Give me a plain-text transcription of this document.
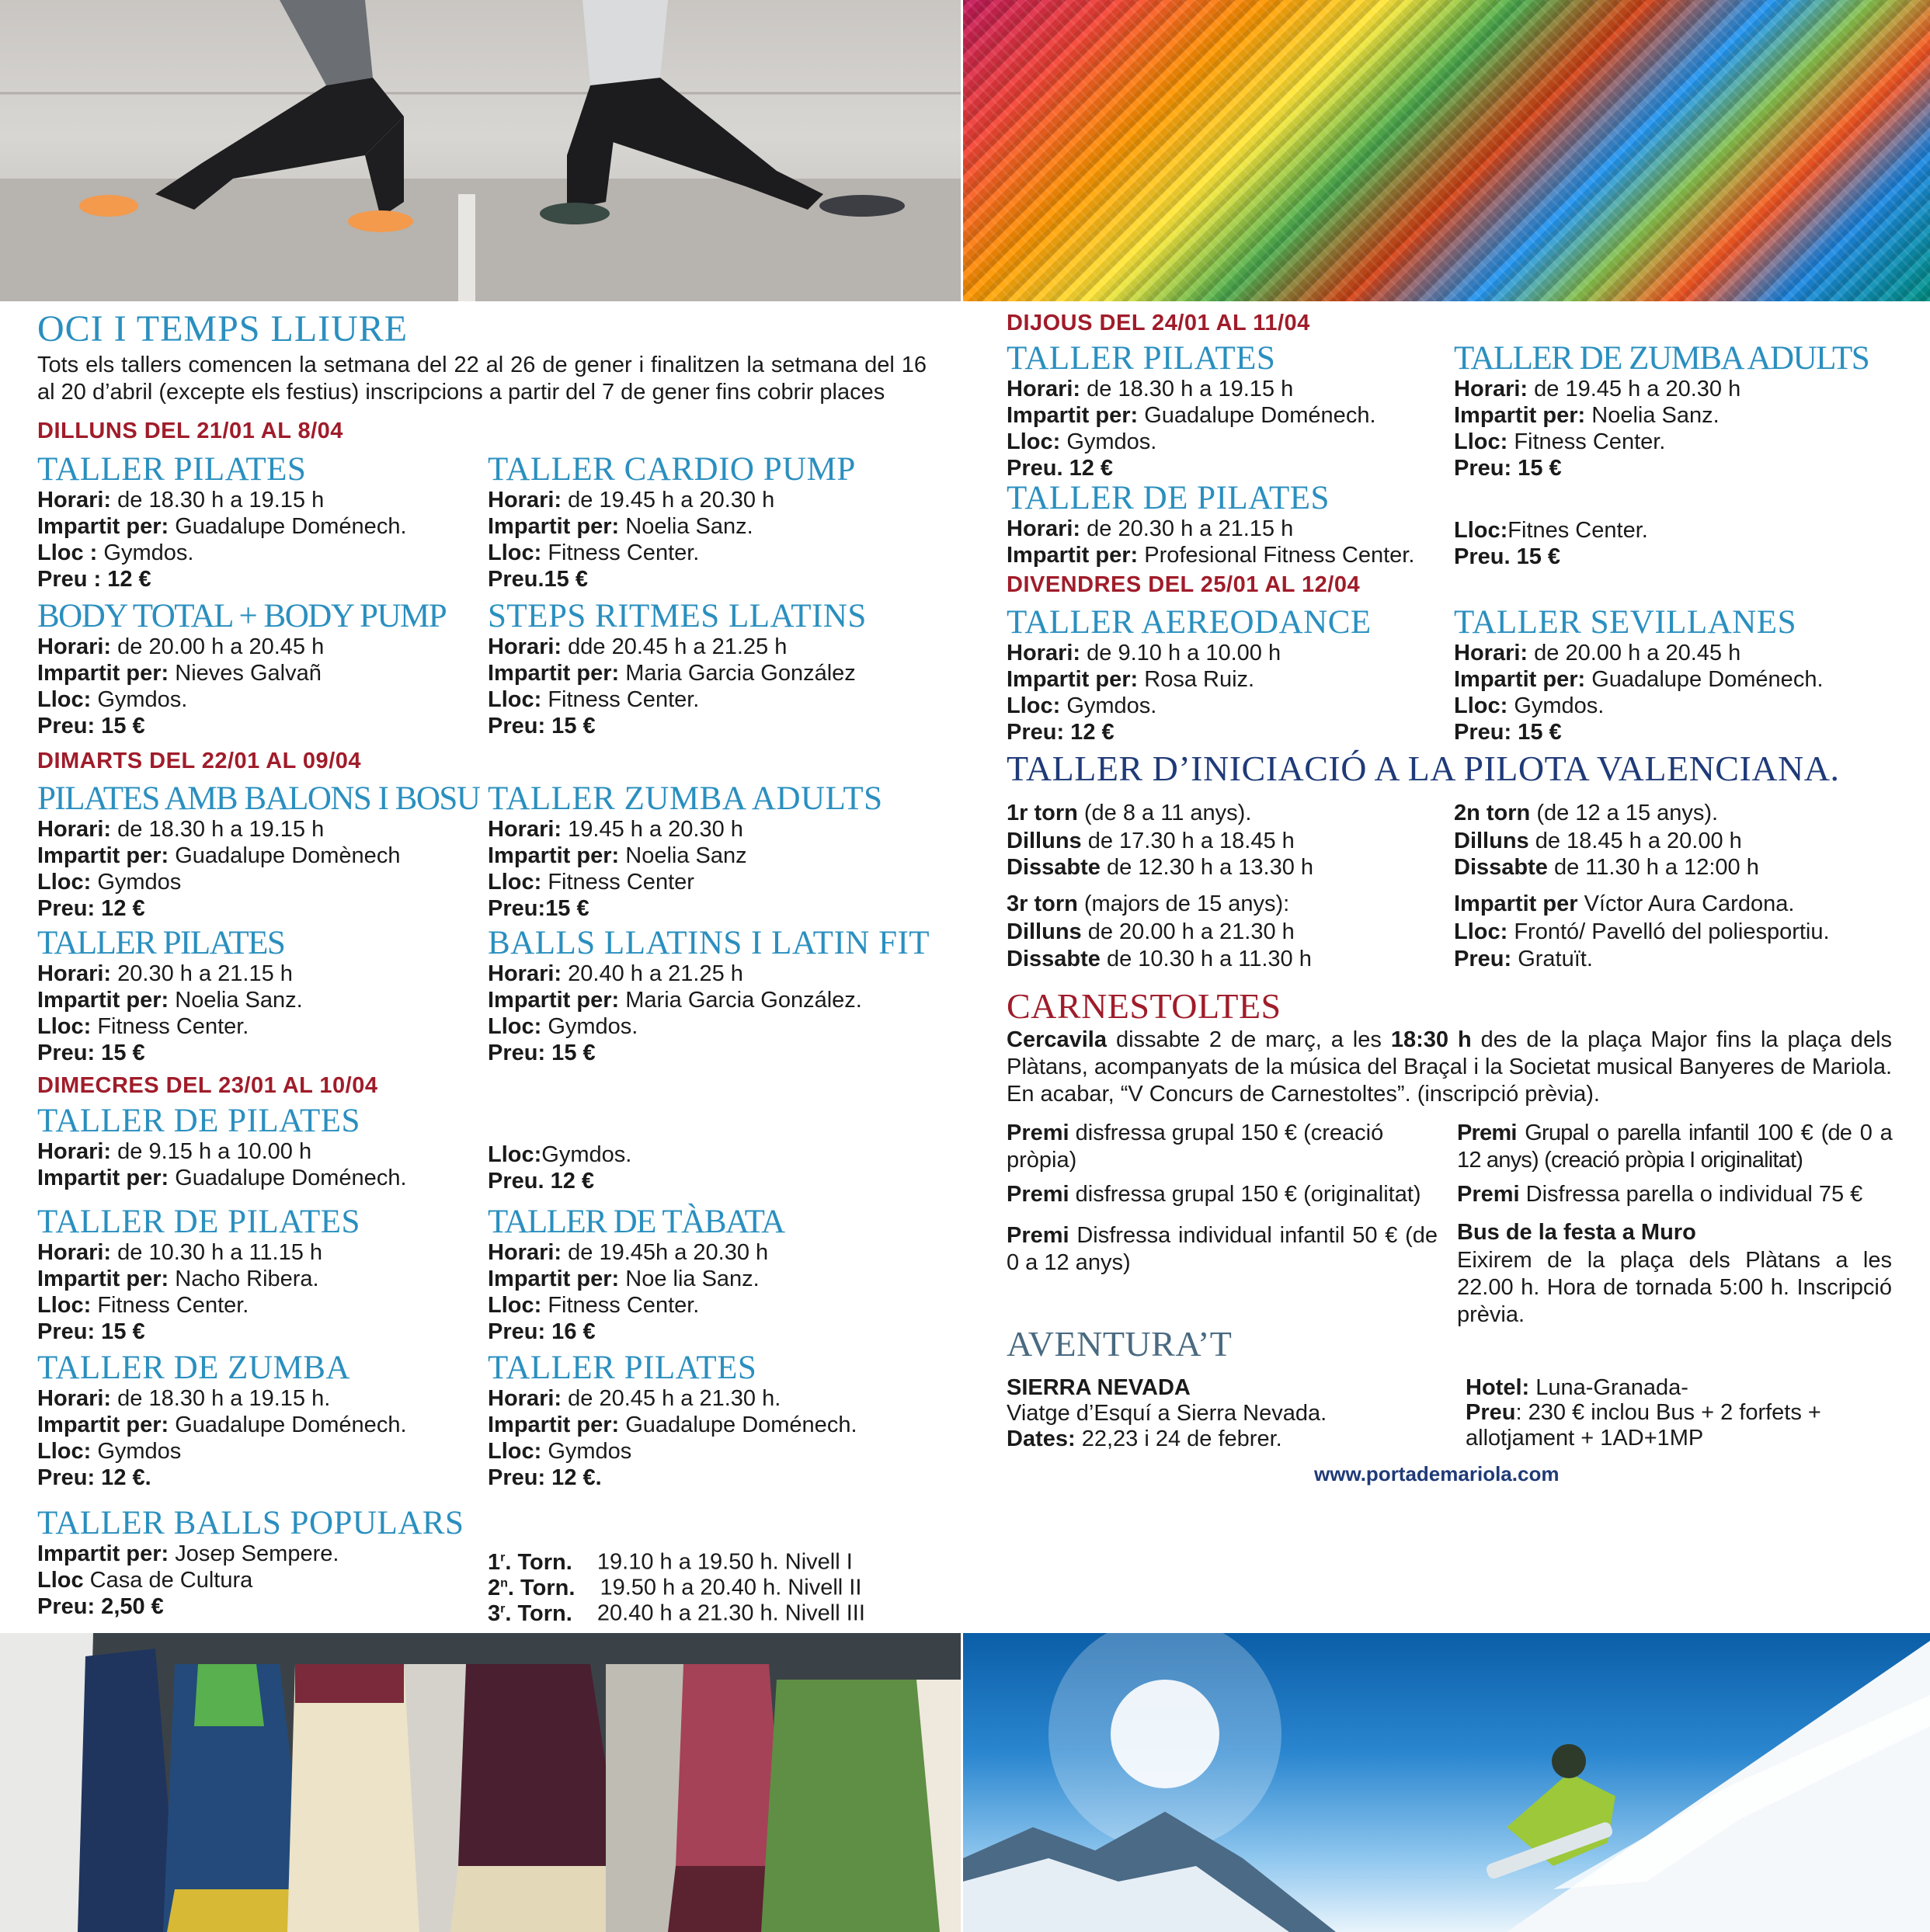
OCI I TEMPS LLIURE
Tots els tallers comencen la setmana del 22 al 26 de gener i finalitzen la setmana del 16 al 20 d’abril (excepte els festius) inscripcions a partir del 7 de gener fins cobrir places
DILLUNS DEL 21/01 AL 8/04
DIMARTS DEL 22/01 AL 09/04
DIMECRES DEL 23/01 AL 10/04
TALLER PILATES
Horari: de 18.30 h a 19.15 h
Impartit per: Guadalupe Doménech.
Lloc : Gymdos.
Preu : 12 €
TALLER CARDIO PUMP
Horari: de 19.45 h a 20.30 h
Impartit per: Noelia Sanz.
Lloc: Fitness Center.
Preu.15 €
BODY TOTAL + BODY PUMP
Horari: de 20.00 h a 20.45 h
Impartit per: Nieves Galvañ
Lloc: Gymdos.
Preu: 15 €
STEPS RITMES LLATINS
Horari: dde 20.45 h a 21.25 h
Impartit per: Maria Garcia González
Lloc: Fitness Center.
Preu: 15 €
PILATES AMB BALONS I BOSU
Horari: de 18.30 h a 19.15 h
Impartit per: Guadalupe Domènech
Lloc: Gymdos
Preu: 12 €
TALLER ZUMBA ADULTS
Horari: 19.45 h a 20.30 h
Impartit per: Noelia Sanz
Lloc: Fitness Center
Preu:15 €
TALLER PILATES
Horari: 20.30 h a 21.15 h
Impartit per: Noelia Sanz.
Lloc: Fitness Center.
Preu: 15 €
BALLS LLATINS I LATIN FIT
Horari: 20.40 h a 21.25 h
Impartit per: Maria Garcia González.
Lloc: Gymdos.
Preu: 15 €
TALLER DE PILATES
Horari: de 9.15 h a 10.00 h
Impartit per: Guadalupe Doménech.
Lloc:Gymdos.
Preu. 12 €
TALLER DE PILATES
Horari: de 10.30 h a 11.15 h
Impartit per: Nacho Ribera.
Lloc: Fitness Center.
Preu: 15 €
TALLER DE TÀBATA
Horari: de 19.45h a 20.30 h
Impartit per: Noe lia Sanz.
Lloc: Fitness Center.
Preu: 16 €
TALLER DE ZUMBA
Horari: de 18.30 h a 19.15 h.
Impartit per: Guadalupe Doménech.
Lloc: Gymdos
Preu: 12 €.
TALLER PILATES
Horari: de 20.45 h a 21.30 h.
Impartit per: Guadalupe Doménech.
Lloc: Gymdos
Preu: 12 €.
TALLER BALLS POPULARS
Impartit per: Josep Sempere.
Lloc Casa de Cultura
Preu: 2,50 €
1$^r$. Torn. 19.10 h a 19.50 h. Nivell I
2$^n$. Torn. 19.50 h a 20.40 h. Nivell II
3$^r$. Torn. 20.40 h a 21.30 h. Nivell III
DIJOUS DEL 24/01 AL 11/04
DIVENDRES DEL 25/01 AL 12/04
TALLER PILATES
Horari: de 18.30 h a 19.15 h
Impartit per: Guadalupe Doménech.
Lloc: Gymdos.
Preu. 12 €
TALLER DE ZUMBA ADULTS
Horari: de 19.45 h a 20.30 h
Impartit per: Noelia Sanz.
Lloc: Fitness Center.
Preu: 15 €
TALLER DE PILATES
Horari: de 20.30 h a 21.15 h
Impartit per: Profesional Fitness Center.
Lloc:Fitnes Center.
Preu. 15 €
TALLER AEREODANCE
Horari: de 9.10 h a 10.00 h
Impartit per: Rosa Ruiz.
Lloc: Gymdos.
Preu: 12 €
TALLER SEVILLANES
Horari: de 20.00 h a 20.45 h
Impartit per: Guadalupe Doménech.
Lloc: Gymdos.
Preu: 15 €
TALLER D’INICIACIÓ A LA PILOTA VALENCIANA.
1r torn (de 8 a 11 anys).
Dilluns de 17.30 h a 18.45 h
Dissabte de 12.30 h a 13.30 h
3r torn (majors de 15 anys):
Dilluns de 20.00 h a 21.30 h
Dissabte de 10.30 h a 11.30 h
2n torn (de 12 a 15 anys).
Dilluns de 18.45 h a 20.00 h
Dissabte de 11.30 h a 12:00 h
Impartit per Víctor Aura Cardona.
Lloc: Frontó/ Pavelló del poliesportiu.
Preu: Gratuït.
CARNESTOLTES
Cercavila dissabte 2 de març, a les 18:30 h des de la plaça Major fins la plaça dels Plàtans, acompanyats de la música del Braçal i la Societat musical Banyeres de Mariola. En acabar, “V Concurs de Carnestoltes”. (inscripció prèvia).
Premi disfressa grupal 150 € (creació pròpia)
Premi disfressa grupal 150 € (originalitat)
Premi Disfressa individual infantil 50 € (de 0 a 12 anys)
Premi Grupal o parella infantil 100 € (de 0 a 12 anys) (creació pròpia I originalitat)
Premi Disfressa parella o individual 75 €
Bus de la festa a Muro
Eixirem de la plaça dels Plàtans a les 22.00 h. Hora de tornada 5:00 h. Inscripció prèvia.
AVENTURA’T
SIERRA NEVADA
Viatge d’Esquí a Sierra Nevada.
Dates: 22,23 i 24 de febrer.
Hotel: Luna-Granada-
Preu: 230 € inclou Bus + 2 forfets + allotjament + 1AD+1MP
www.portademariola.com
